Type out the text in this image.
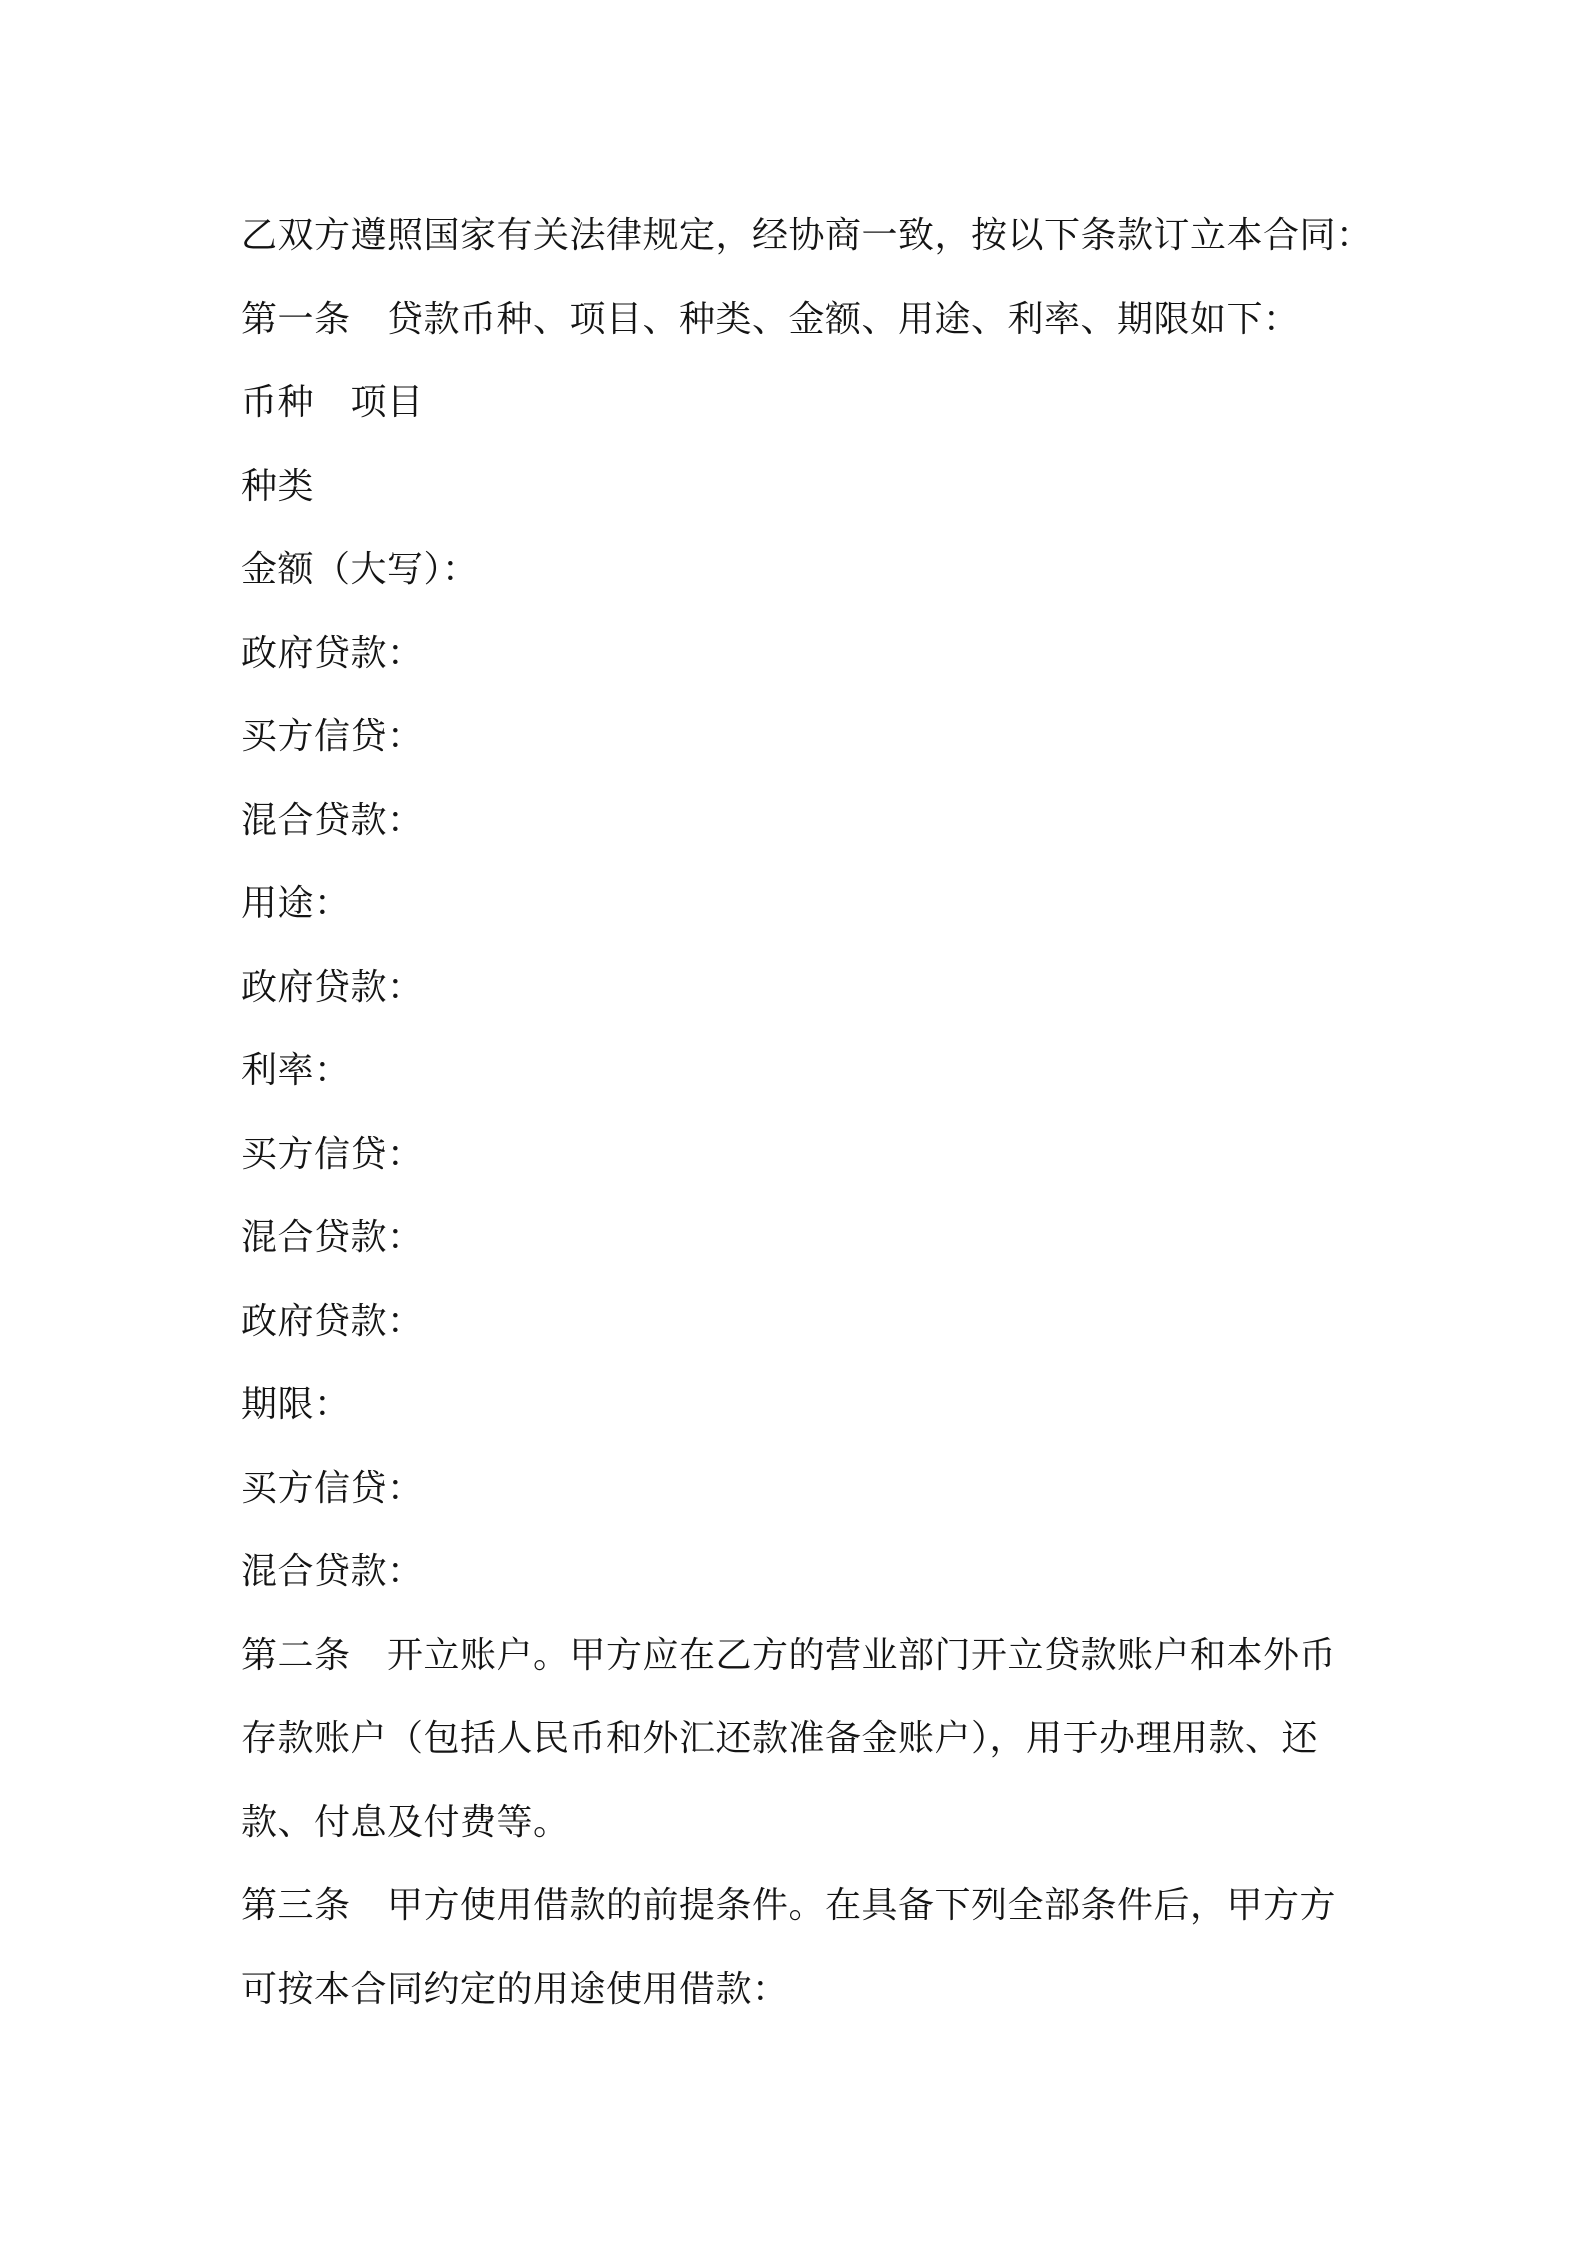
乙双方遵照国家有关法律规定，经协商一致，按以下条款订立本合同：
第一条　贷款币种、项目、种类、金额、用途、利率、期限如下：
币种　项目
种类
金额（大写）：
政府贷款：
买方信贷：
混合贷款：
用途：
政府贷款：
利率：
买方信贷：
混合贷款：
政府贷款：
期限：
买方信贷：
混合贷款：
第二条　开立账户。甲方应在乙方的营业部门开立贷款账户和本外币
存款账户（包括人民币和外汇还款准备金账户），用于办理用款、还
款、付息及付费等。
第三条　甲方使用借款的前提条件。在具备下列全部条件后，甲方方
可按本合同约定的用途使用借款：
